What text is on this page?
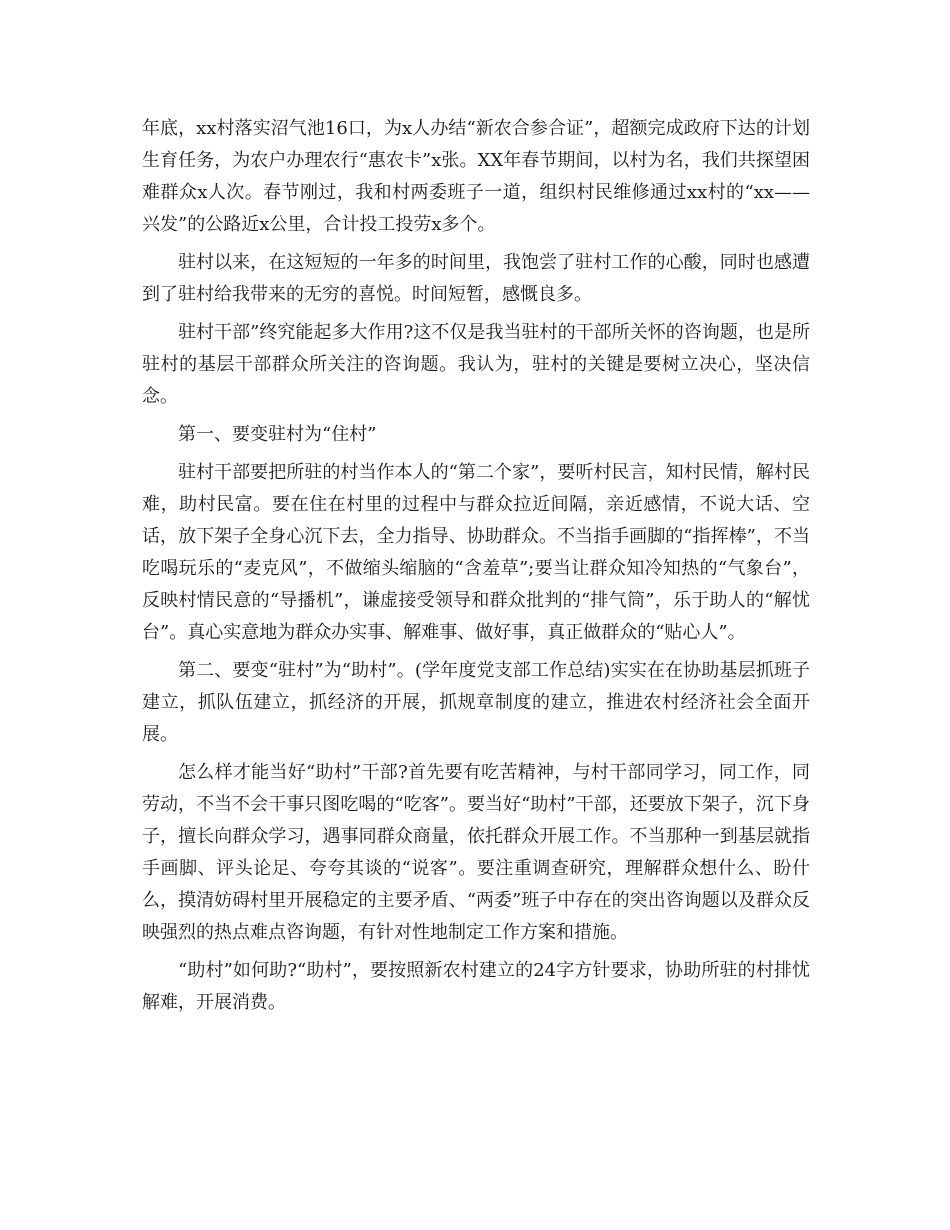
年底，xx村落实沼气池16口，为x人办结“新农合参合证”，超额完成政府下达的计划生育任务，为农户办理农行“惠农卡”x张。XX年春节期间，以村为名，我们共探望困难群众x人次。春节刚过，我和村两委班子一道，组织村民维修通过xx村的“xx——兴发”的公路近x公里，合计投工投劳x多个。

驻村以来，在这短短的一年多的时间里，我饱尝了驻村工作的心酸，同时也感遭到了驻村给我带来的无穷的喜悦。时间短暂，感慨良多。

驻村干部”终究能起多大作用?这不仅是我当驻村的干部所关怀的咨询题，也是所驻村的基层干部群众所关注的咨询题。我认为，驻村的关键是要树立决心，坚决信念。

第一、要变驻村为“住村”

驻村干部要把所驻的村当作本人的“第二个家”，要听村民言，知村民情，解村民难，助村民富。要在住在村里的过程中与群众拉近间隔，亲近感情，不说大话、空话，放下架子全身心沉下去，全力指导、协助群众。不当指手画脚的“指挥棒”，不当吃喝玩乐的“麦克风”，不做缩头缩脑的“含羞草”;要当让群众知冷知热的“气象台”，反映村情民意的“导播机”，谦虚接受领导和群众批判的“排气筒”，乐于助人的“解忧台”。真心实意地为群众办实事、解难事、做好事，真正做群众的“贴心人”。

第二、要变“驻村”为“助村”。(学年度党支部工作总结)实实在在协助基层抓班子建立，抓队伍建立，抓经济的开展，抓规章制度的建立，推进农村经济社会全面开展。

怎么样才能当好“助村”干部?首先要有吃苦精神，与村干部同学习，同工作，同劳动，不当不会干事只图吃喝的“吃客”。要当好“助村”干部，还要放下架子，沉下身子，擅长向群众学习，遇事同群众商量，依托群众开展工作。不当那种一到基层就指手画脚、评头论足、夸夸其谈的“说客”。要注重调查研究，理解群众想什么、盼什么，摸清妨碍村里开展稳定的主要矛盾、“两委”班子中存在的突出咨询题以及群众反映强烈的热点难点咨询题，有针对性地制定工作方案和措施。

“助村”如何助?“助村”，要按照新农村建立的24字方针要求，协助所驻的村排忧解难，开展消费。
